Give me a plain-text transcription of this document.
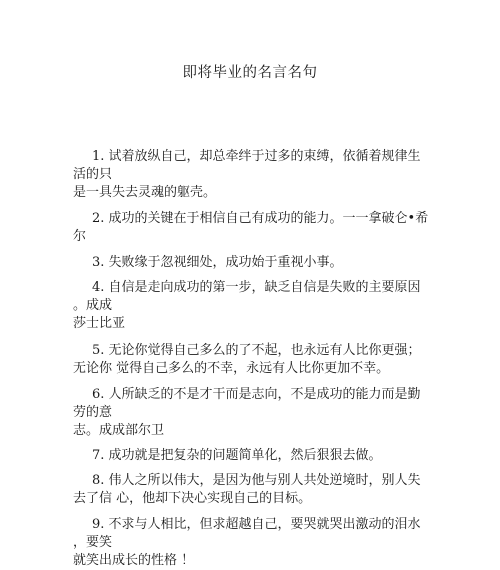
即将毕业的名言名句
1. 试着放纵自己，却总牵绊于过多的束缚，依循着规律生
活的只
是一具失去灵魂的躯壳。
2. 成功的关键在于相信自己有成功的能力。一一拿破仑•希
尔
3. 失败缘于忽视细处，成功始于重视小事。
4. 自信是走向成功的第一步，缺乏自信是失败的主要原因
。成成
莎士比亚
5. 无论你觉得自己多么的了不起，也永远有人比你更强；
无论你 觉得自己多么的不幸，永远有人比你更加不幸。
6. 人所缺乏的不是才干而是志向，不是成功的能力而是勤
劳的意
志。成成部尔卫
7. 成功就是把复杂的问题简单化，然后狠狠去做。
8. 伟人之所以伟大，是因为他与别人共处逆境时，别人失
去了信 心，他却下决心实现自己的目标。
9. 不求与人相比，但求超越自己，要哭就哭出激动的泪水
，要笑
就笑出成长的性格 ！
